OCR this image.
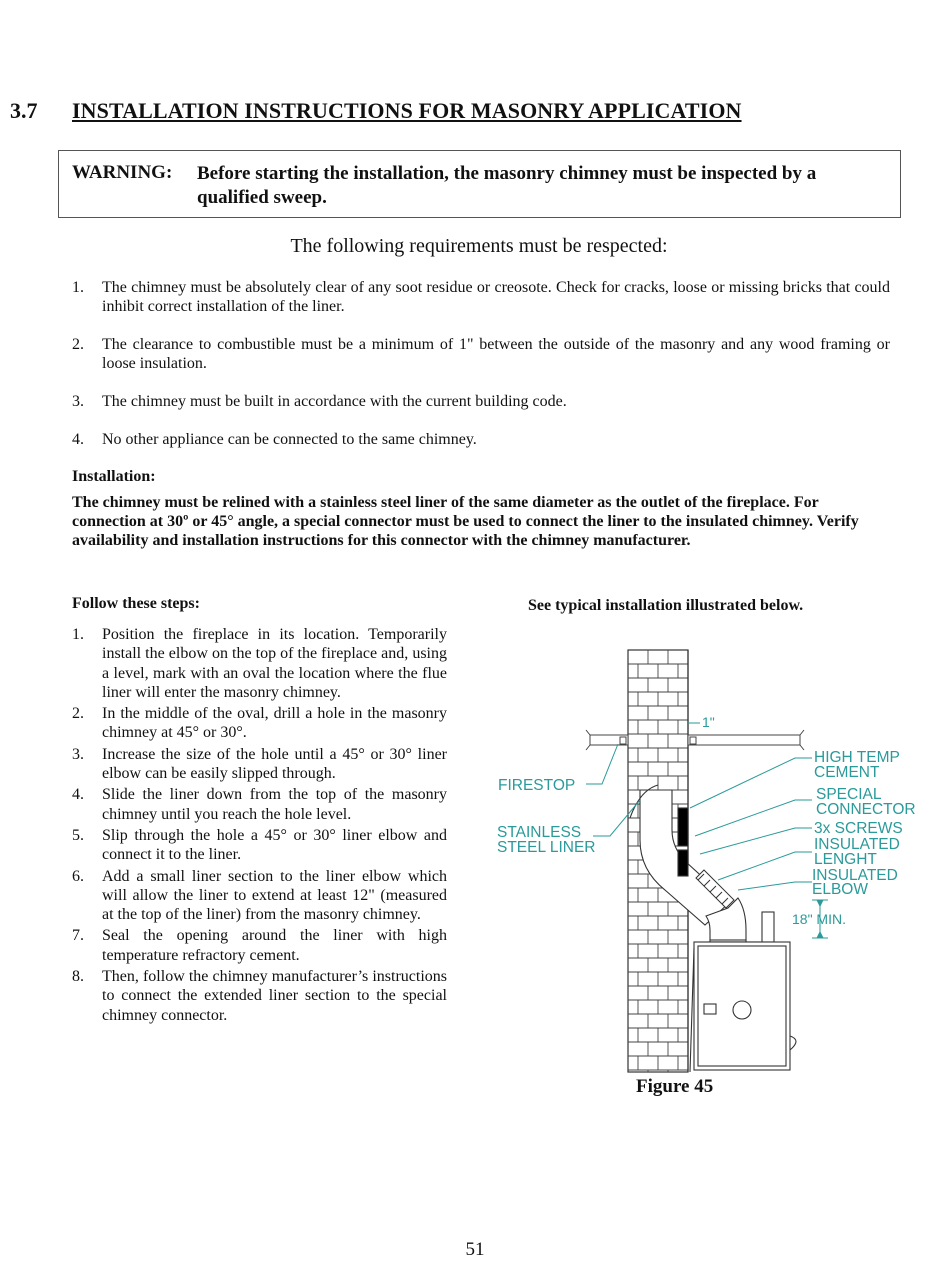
3.7 INSTALLATION INSTRUCTIONS FOR MASONRY APPLICATION
WARNING: Before starting the installation, the masonry chimney must be inspected by a qualified sweep.
The following requirements must be respected:
1. The chimney must be absolutely clear of any soot residue or creosote. Check for cracks, loose or missing bricks that could inhibit correct installation of the liner.
2. The clearance to combustible must be a minimum of 1" between the outside of the masonry and any wood framing or loose insulation.
3. The chimney must be built in accordance with the current building code.
4. No other appliance can be connected to the same chimney.
Installation:
The chimney must be relined with a stainless steel liner of the same diameter as the outlet of the fireplace. For connection at 30º or 45° angle, a special connector must be used to connect the liner to the insulated chimney. Verify availability and installation instructions for this connector with the chimney manufacturer.
Follow these steps:	See typical installation illustrated below.
1. Position the fireplace in its location. Temporarily install the elbow on the top of the fireplace and, using a level, mark with an oval the location where the flue liner will enter the masonry chimney.
2. In the middle of the oval, drill a hole in the masonry chimney at 45° or 30°.
3. Increase the size of the hole until a 45° or 30° liner elbow can be easily slipped through.
4. Slide the liner down from the top of the masonry chimney until you reach the hole level.
5. Slip through the hole a 45° or 30° liner elbow and connect it to the liner.
6. Add a small liner section to the liner elbow which will allow the liner to extend at least 12" (measured at the top of the liner) from the masonry chimney.
7. Seal the opening around the liner with high temperature refractory cement.
8. Then, follow the chimney manufacturer’s instructions to connect the extended liner section to the special chimney connector.
1"
FIRESTOP
STAINLESS
STEEL LINER
HIGH TEMP
CEMENT
SPECIAL
CONNECTOR
3x SCREWS
INSULATED
LENGHT
INSULATED
ELBOW
18" MIN.
Figure 45
51
